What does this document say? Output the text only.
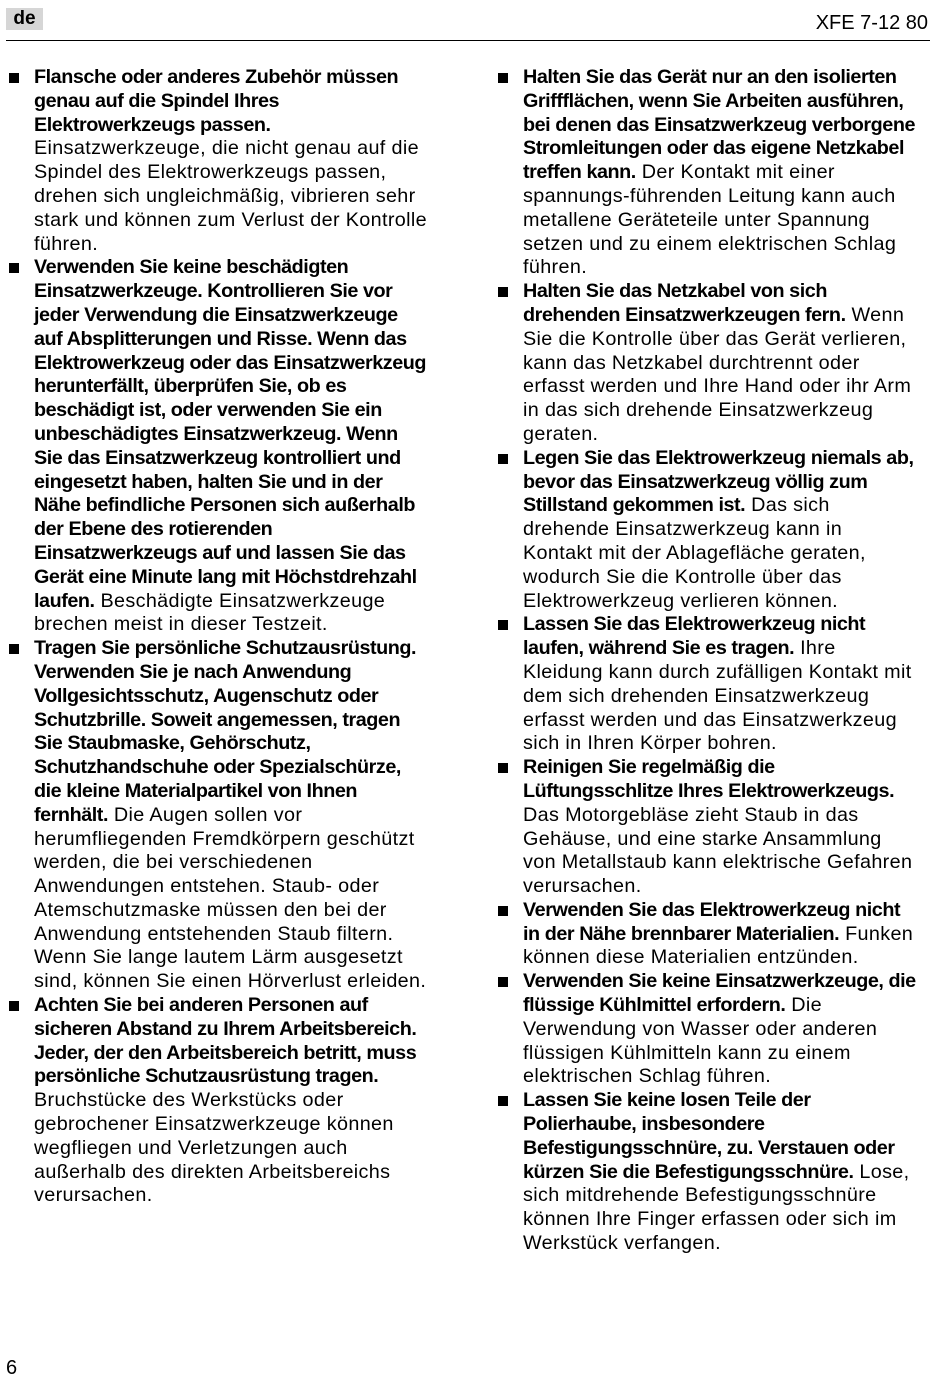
de	XFE 7-12 80
Flansche oder anderes Zubehör müssen genau auf die Spindel Ihres Elektrowerkzeugs passen. Einsatzwerkzeuge, die nicht genau auf die Spindel des Elektrowerkzeugs passen, drehen sich ungleichmäßig, vibrieren sehr stark und können zum Verlust der Kontrolle führen.
Verwenden Sie keine beschädigten Einsatzwerkzeuge. Kontrollieren Sie vor jeder Verwendung die Einsatzwerkzeuge auf Absplitterungen und Risse. Wenn das Elektrowerkzeug oder das Einsatzwerkzeug herunterfällt, überprüfen Sie, ob es beschädigt ist, oder verwenden Sie ein unbeschädigtes Einsatzwerkzeug. Wenn Sie das Einsatzwerkzeug kontrolliert und eingesetzt haben, halten Sie und in der Nähe befindliche Personen sich außerhalb der Ebene des rotierenden Einsatzwerkzeugs auf und lassen Sie das Gerät eine Minute lang mit Höchstdrehzahl laufen. Beschädigte Einsatzwerkzeuge brechen meist in dieser Testzeit.
Tragen Sie persönliche Schutzausrüstung. Verwenden Sie je nach Anwendung Vollgesichtsschutz, Augenschutz oder Schutzbrille. Soweit angemessen, tragen Sie Staubmaske, Gehörschutz, Schutzhandschuhe oder Spezialschürze, die kleine Materialpartikel von Ihnen fernhält. Die Augen sollen vor herumfliegenden Fremdkörpern geschützt werden, die bei verschiedenen Anwendungen entstehen. Staub- oder Atemschutzmaske müssen den bei der Anwendung entstehenden Staub filtern. Wenn Sie lange lautem Lärm ausgesetzt sind, können Sie einen Hörverlust erleiden.
Achten Sie bei anderen Personen auf sicheren Abstand zu Ihrem Arbeitsbereich. Jeder, der den Arbeitsbereich betritt, muss persönliche Schutzausrüstung tragen. Bruchstücke des Werkstücks oder gebrochener Einsatzwerkzeuge können wegfliegen und Verletzungen auch außerhalb des direkten Arbeitsbereichs verursachen.
Halten Sie das Gerät nur an den isolierten Griffflächen, wenn Sie Arbeiten ausführen, bei denen das Einsatzwerkzeug verborgene Stromleitungen oder das eigene Netzkabel treffen kann. Der Kontakt mit einer spannungs-führenden Leitung kann auch metallene Geräteteile unter Spannung setzen und zu einem elektrischen Schlag führen.
Halten Sie das Netzkabel von sich drehenden Einsatzwerkzeugen fern. Wenn Sie die Kontrolle über das Gerät verlieren, kann das Netzkabel durchtrennt oder erfasst werden und Ihre Hand oder ihr Arm in das sich drehende Einsatzwerkzeug geraten.
Legen Sie das Elektrowerkzeug niemals ab, bevor das Einsatzwerkzeug völlig zum Stillstand gekommen ist. Das sich drehende Einsatzwerkzeug kann in Kontakt mit der Ablagefläche geraten, wodurch Sie die Kontrolle über das Elektrowerkzeug verlieren können.
Lassen Sie das Elektrowerkzeug nicht laufen, während Sie es tragen. Ihre Kleidung kann durch zufälligen Kontakt mit dem sich drehenden Einsatzwerkzeug erfasst werden und das Einsatzwerkzeug sich in Ihren Körper bohren.
Reinigen Sie regelmäßig die Lüftungsschlitze Ihres Elektrowerkzeugs. Das Motorgebläse zieht Staub in das Gehäuse, und eine starke Ansammlung von Metallstaub kann elektrische Gefahren verursachen.
Verwenden Sie das Elektrowerkzeug nicht in der Nähe brennbarer Materialien. Funken können diese Materialien entzünden.
Verwenden Sie keine Einsatzwerkzeuge, die flüssige Kühlmittel erfordern. Die Verwendung von Wasser oder anderen flüssigen Kühlmitteln kann zu einem elektrischen Schlag führen.
Lassen Sie keine losen Teile der Polierhaube, insbesondere Befestigungsschnüre, zu. Verstauen oder kürzen Sie die Befestigungsschnüre. Lose, sich mitdrehende Befestigungsschnüre können Ihre Finger erfassen oder sich im Werkstück verfangen.
6
